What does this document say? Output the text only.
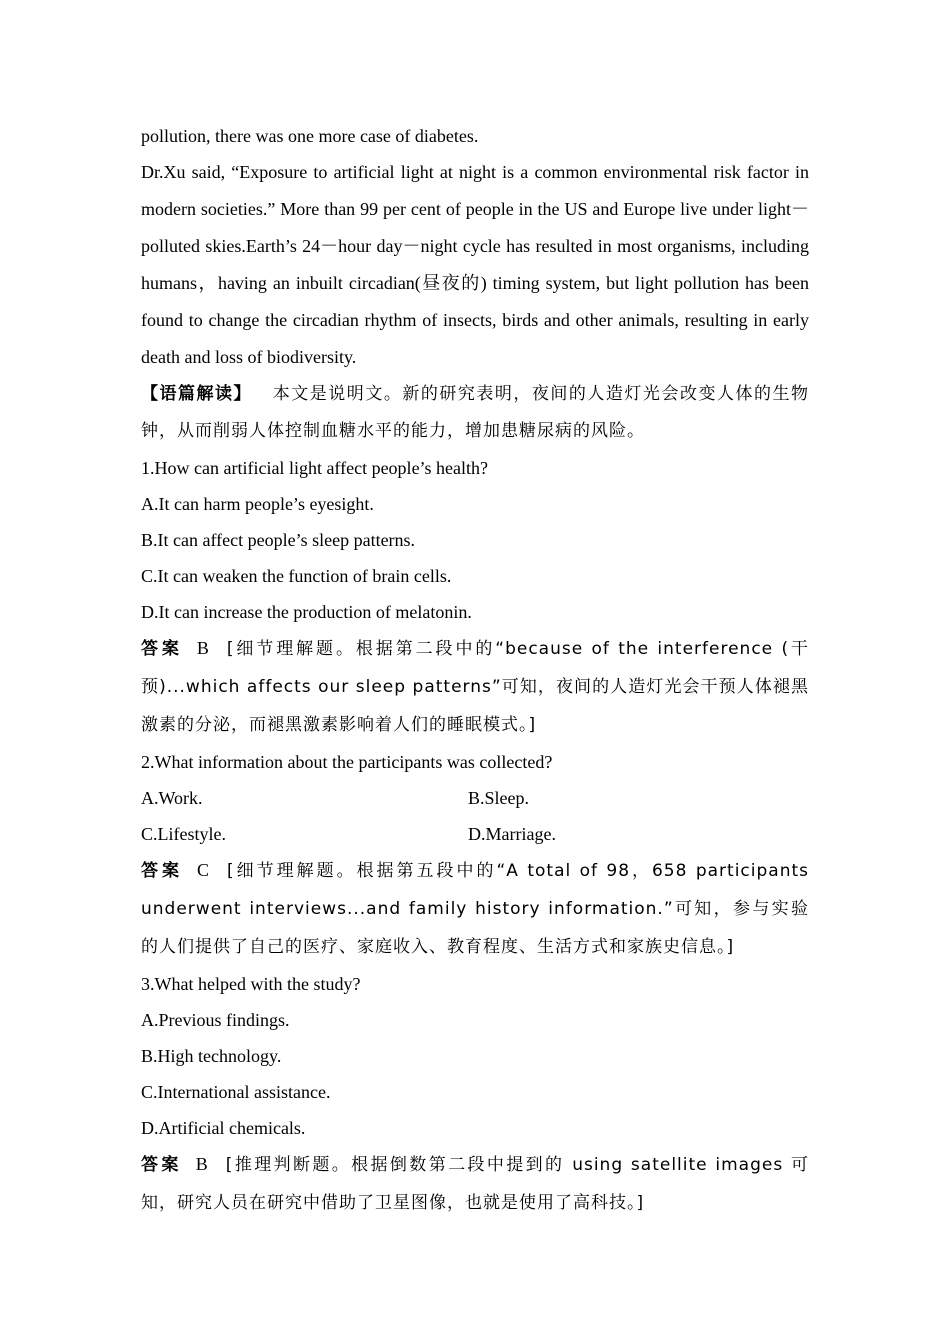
pollution, there was one more case of diabetes.

Dr.Xu said, “Exposure to artificial light at night is a common environmental risk factor in modern societies.” More than 99 per cent of people in the US and Europe live under light－polluted skies.Earth’s 24－hour day－night cycle has resulted in most organisms, including humans，having an inbuilt circadian(昼夜的) timing system, but light pollution has been found to change the circadian rhythm of insects, birds and other animals, resulting in early death and loss of biodiversity.

【语篇解读】 本文是说明文。新的研究表明，夜间的人造灯光会改变人体的生物钟，从而削弱人体控制血糖水平的能力，增加患糖尿病的风险。

1.How can artificial light affect people’s health?

A.It can harm people’s eyesight.

B.It can affect people’s sleep patterns.

C.It can weaken the function of brain cells.

D.It can increase the production of melatonin.

答案 B [细节理解题。根据第二段中的“because of the interference (干预)...which affects our sleep patterns”可知，夜间的人造灯光会干预人体褪黑激素的分泌，而褪黑激素影响着人们的睡眠模式。]

2.What information about the participants was collected?

A.Work.	B.Sleep.
C.Lifestyle.	D.Marriage.

答案 C [细节理解题。根据第五段中的“A total of 98，658 participants underwent interviews...and family history information.”可知，参与实验的人们提供了自己的医疗、家庭收入、教育程度、生活方式和家族史信息。]

3.What helped with the study?

A.Previous findings.

B.High technology.

C.International assistance.

D.Artificial chemicals.

答案 B [推理判断题。根据倒数第二段中提到的 using satellite images 可知，研究人员在研究中借助了卫星图像，也就是使用了高科技。]
